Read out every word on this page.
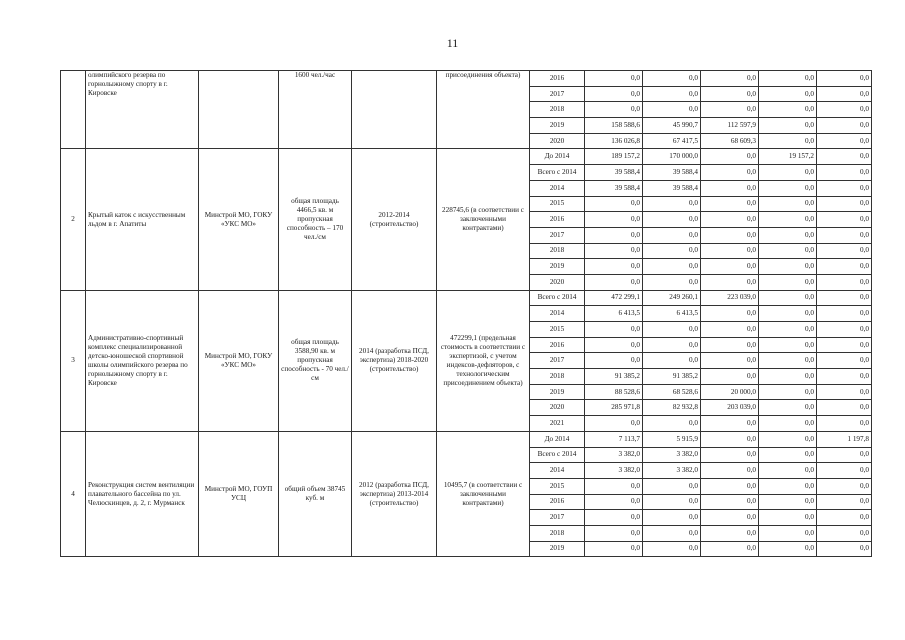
11
	олимпийского резерва по горнолыжному спорту в г. Кировске		1600 чел./час		присоединения объекта)	2016	0,0	0,0	0,0	0,0	0,0
						2017	0,0	0,0	0,0	0,0	0,0
						2018	0,0	0,0	0,0	0,0	0,0
						2019	158 588,6	45 990,7	112 597,9	0,0	0,0
						2020	136 026,8	67 417,5	68 609,3	0,0	0,0
2	Крытый каток с искусственным льдом в г. Апатиты	Минстрой МО, ГОКУ «УКС МО»	общая площадь 4466,5 кв. м пропускная способность – 170 чел./см	2012-2014 (строительство)	228745,6 (в соответствии с заключенными контрактами)	До 2014	189 157,2	170 000,0	0,0	19 157,2	0,0
						Всего с 2014	39 588,4	39 588,4	0,0	0,0	0,0
						2014	39 588,4	39 588,4	0,0	0,0	0,0
						2015	0,0	0,0	0,0	0,0	0,0
						2016	0,0	0,0	0,0	0,0	0,0
						2017	0,0	0,0	0,0	0,0	0,0
						2018	0,0	0,0	0,0	0,0	0,0
						2019	0,0	0,0	0,0	0,0	0,0
						2020	0,0	0,0	0,0	0,0	0,0
3	Административно-спортивный комплекс специализированной детско-юношеской спортивной школы олимпийского резерва по горнолыжному спорту в г. Кировске	Минстрой МО, ГОКУ «УКС МО»	общая площадь 3588,90 кв. м пропускная способность - 70 чел./см	2014 (разработка ПСД, экспертиза) 2018-2020 (строительство)	472299,1 (предельная стоимость в соответствии с экспертизой, с учетом индексов-дефляторов, с технологическим присоединением объекта)	Всего с 2014	472 299,1	249 260,1	223 039,0	0,0	0,0
						2014	6 413,5	6 413,5	0,0	0,0	0,0
						2015	0,0	0,0	0,0	0,0	0,0
						2016	0,0	0,0	0,0	0,0	0,0
						2017	0,0	0,0	0,0	0,0	0,0
						2018	91 385,2	91 385,2	0,0	0,0	0,0
						2019	88 528,6	68 528,6	20 000,0	0,0	0,0
						2020	285 971,8	82 932,8	203 039,0	0,0	0,0
						2021	0,0	0,0	0,0	0,0	0,0
4	Реконструкция систем вентиляции плавательного бассейна по ул. Челюскинцев, д. 2, г. Мурманск	Минстрой МО, ГОУП УСЦ	общий объем 38745 куб. м	2012 (разработка ПСД, экспертиза) 2013-2014 (строительство)	10495,7 (в соответствии с заключенными контрактами)	До 2014	7 113,7	5 915,9	0,0	0,0	1 197,8
						Всего с 2014	3 382,0	3 382,0	0,0	0,0	0,0
						2014	3 382,0	3 382,0	0,0	0,0	0,0
						2015	0,0	0,0	0,0	0,0	0,0
						2016	0,0	0,0	0,0	0,0	0,0
						2017	0,0	0,0	0,0	0,0	0,0
						2018	0,0	0,0	0,0	0,0	0,0
						2019	0,0	0,0	0,0	0,0	0,0
